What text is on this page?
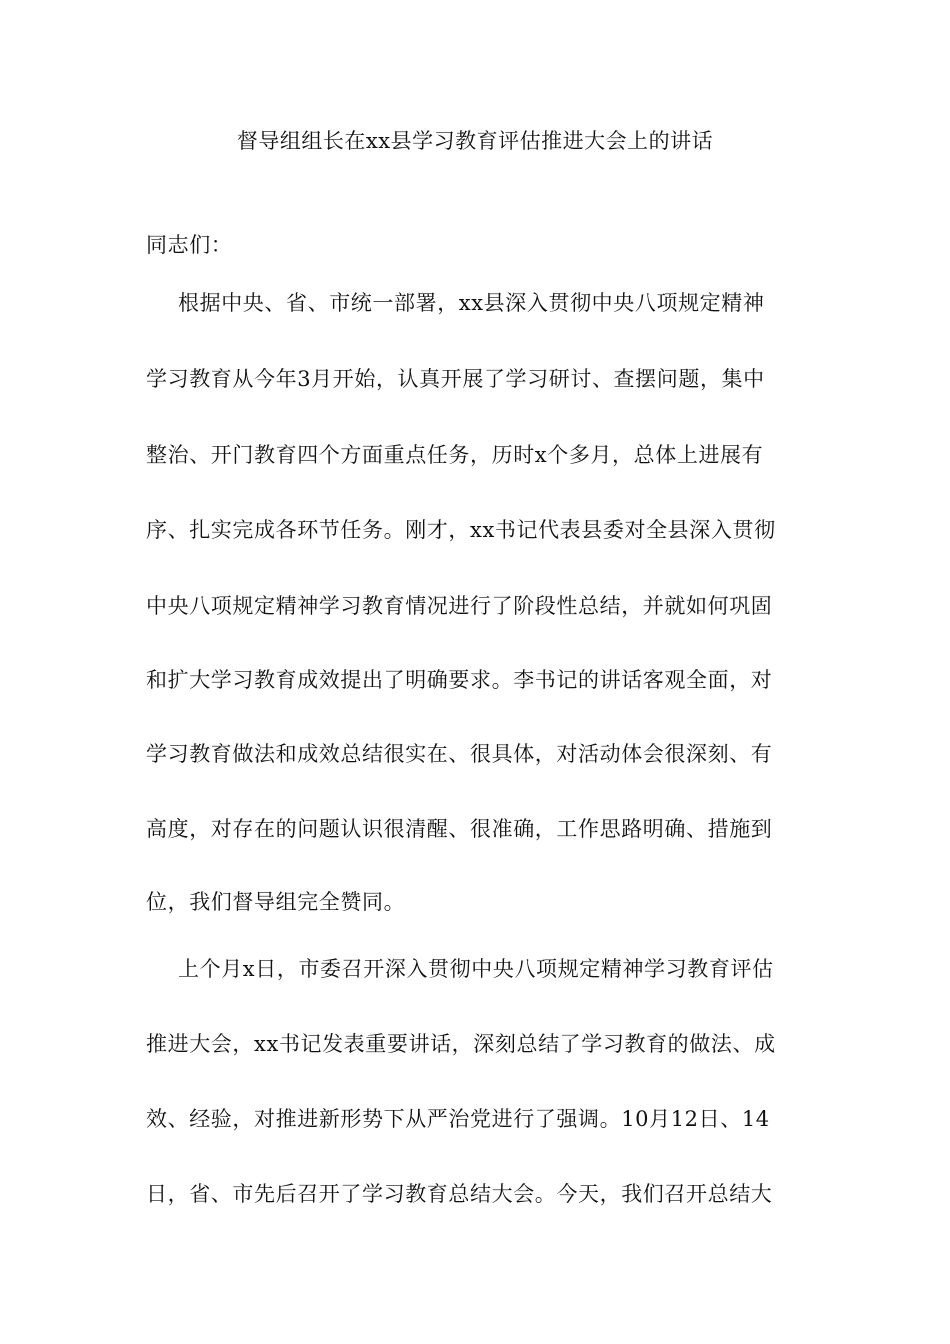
督导组组长在xx县学习教育评估推进大会上的讲话
同志们：
根据中央、省、市统一部署，xx县深入贯彻中央八项规定精神
学习教育从今年3月开始，认真开展了学习研讨、查摆问题，集中
整治、开门教育四个方面重点任务，历时x个多月，总体上进展有
序、扎实完成各环节任务。刚才，xx书记代表县委对全县深入贯彻
中央八项规定精神学习教育情况进行了阶段性总结，并就如何巩固
和扩大学习教育成效提出了明确要求。李书记的讲话客观全面，对
学习教育做法和成效总结很实在、很具体，对活动体会很深刻、有
高度，对存在的问题认识很清醒、很准确，工作思路明确、措施到
位，我们督导组完全赞同。
上个月x日，市委召开深入贯彻中央八项规定精神学习教育评估
推进大会，xx书记发表重要讲话，深刻总结了学习教育的做法、成
效、经验，对推进新形势下从严治党进行了强调。10月12日、14
日，省、市先后召开了学习教育总结大会。今天，我们召开总结大
